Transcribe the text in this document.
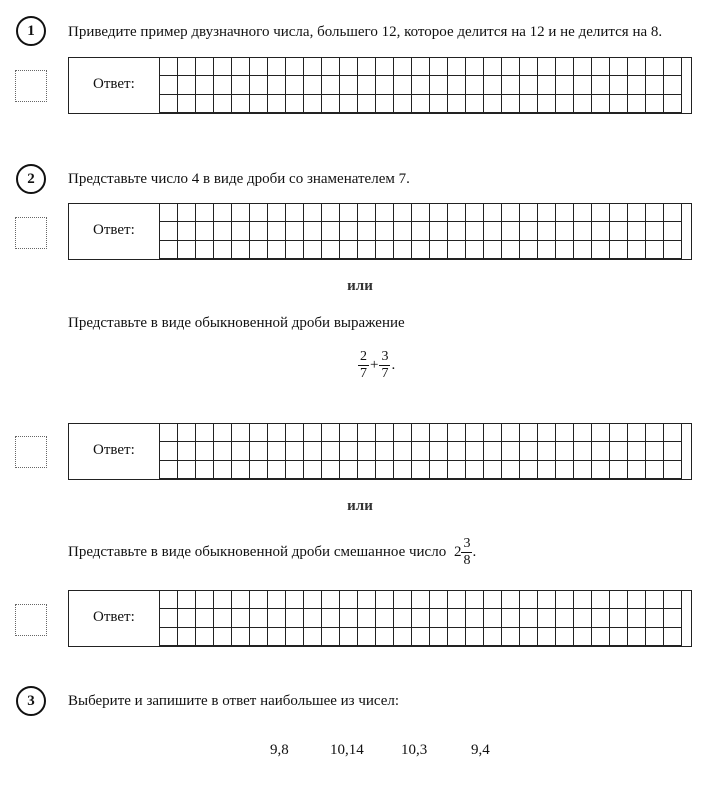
1	Приведите пример двузначного числа, большего 12, которое делится на 12 и не делится на 8.
Ответ:
2	Представьте число 4 в виде дроби со знаменателем 7.
Ответ:
или
Представьте в виде обыкновенной дроби выражение
$\frac{2}{7} + \frac{3}{7}$ .
Ответ:
или
Представьте в виде обыкновенной дроби смешанное число $2 \frac{3}{8}$ .
Ответ:
3	Выберите и запишите в ответ наибольшее из чисел:
9,8	10,14 10,3	9,4
